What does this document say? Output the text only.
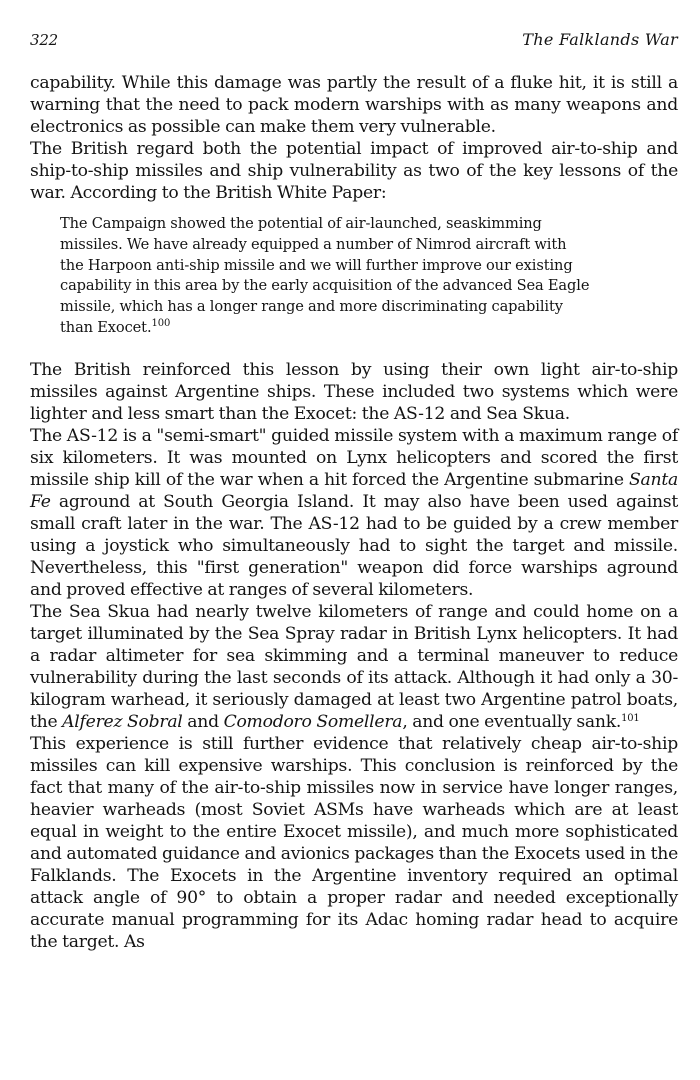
322	The Falklands War

capability. While this damage was partly the result of a fluke hit, it is still a warning that the need to pack modern warships with as many weapons and electronics as possible can make them very vulnerable.

The British regard both the potential impact of improved air-to-ship and ship-to-ship missiles and ship vulnerability as two of the key lessons of the war. According to the British White Paper:

The Campaign showed the potential of air-launched, seaskimming
missiles. We have already equipped a number of Nimrod aircraft with
the Harpoon anti-ship missile and we will further improve our existing
capability in this area by the early acquisition of the advanced Sea Eagle
missile, which has a longer range and more discriminating capability
than Exocet.$^{100}$

The British reinforced this lesson by using their own light air-to-ship missiles against Argentine ships. These included two systems which were lighter and less smart than the Exocet: the AS-12 and Sea Skua.

The AS-12 is a "semi-smart" guided missile system with a maximum range of six kilometers. It was mounted on Lynx helicopters and scored the first missile ship kill of the war when a hit forced the Argentine submarine Santa Fe aground at South Georgia Island. It may also have been used against small craft later in the war. The AS-12 had to be guided by a crew member using a joystick who simultaneously had to sight the target and missile. Nevertheless, this "first generation" weapon did force warships aground and proved effective at ranges of several kilometers.

The Sea Skua had nearly twelve kilometers of range and could home on a target illuminated by the Sea Spray radar in British Lynx helicopters. It had a radar altimeter for sea skimming and a terminal maneuver to reduce vulnerability during the last seconds of its attack. Although it had only a 30-kilogram warhead, it seriously damaged at least two Argentine patrol boats, the Alferez Sobral and Comodoro Somellera, and one eventually sank.$^{101}$

This experience is still further evidence that relatively cheap air-to-ship missiles can kill expensive warships. This conclusion is reinforced by the fact that many of the air-to-ship missiles now in service have longer ranges, heavier warheads (most Soviet ASMs have warheads which are at least equal in weight to the entire Exocet missile), and much more sophisticated and automated guidance and avionics packages than the Exocets used in the Falklands. The Exocets in the Argentine inventory required an optimal attack angle of 90° to obtain a proper radar and needed exceptionally accurate manual programming for its Adac homing radar head to acquire the target. As
